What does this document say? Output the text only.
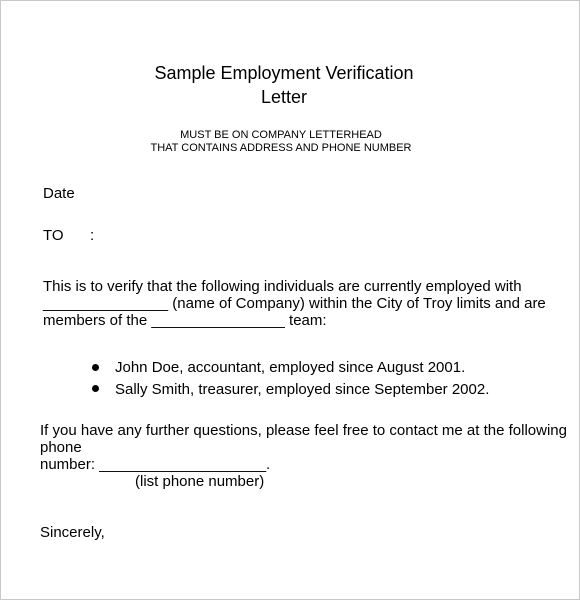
Sample Employment Verification
Letter
MUST BE ON COMPANY LETTERHEAD
THAT CONTAINS ADDRESS AND PHONE NUMBER
Date
TO :
This is to verify that the following individuals are currently employed with
_______________ (name of Company) within the City of Troy limits and are
members of the ________________ team:
John Doe, accountant, employed since August 2001.
Sally Smith, treasurer, employed since September 2002.
If you have any further questions, please feel free to contact me at the following
phone
number: ____________________.
(list phone number)
Sincerely,
